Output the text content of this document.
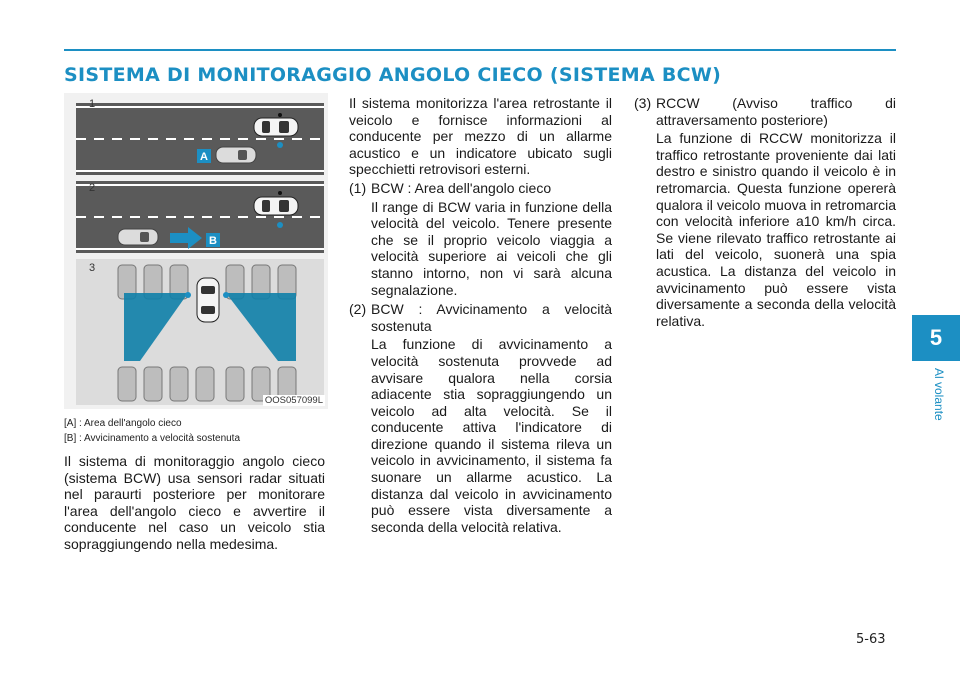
SISTEMA DI MONITORAGGIO ANGOLO CIECO (SISTEMA BCW)
A
B
1
2
3
OOS057099L
[A] : Area dell'angolo cieco
[B] : Avvicinamento a velocità sostenuta

Il sistema di monitoraggio angolo cieco (sistema BCW) usa sensori radar situati nel paraurti posteriore per monitorare l'area dell'angolo cieco e avvertire il conducente nel caso un veicolo stia sopraggiungendo nella medesima.

Il sistema monitorizza l'area retrostante il veicolo e fornisce informazioni al conducente per mezzo di un allarme acustico e un indicatore ubicato sugli specchietti retrovisori esterni.

(1) BCW : Area dell'angolo cieco

Il range di BCW varia in funzione della velocità del veicolo. Tenere presente che se il proprio veicolo viaggia a velocità superiore ai veicoli che gli stanno intorno, non vi sarà alcuna segnalazione.

(2) BCW : Avvicinamento a velocità sostenuta

La funzione di avvicinamento a velocità sostenuta provvede ad avvisare qualora nella corsia adiacente stia sopraggiungendo un veicolo ad alta velocità. Se il conducente attiva l'indicatore di direzione quando il sistema rileva un veicolo in avvicinamento, il sistema fa suonare un allarme acustico. La distanza dal veicolo in avvicinamento può essere vista diversamente a seconda della velocità relativa.

(3) RCCW (Avviso traffico di attraversamento posteriore)

La funzione di RCCW monitorizza il traffico retrostante proveniente dai lati destro e sinistro quando il veicolo è in retromarcia. Questa funzione opererà qualora il veicolo muova in retromarcia con velocità inferiore a10 km/h circa. Se viene rilevato traffico retrostante ai lati del veicolo, suonerà una spia acustica. La distanza del veicolo in avvicinamento può essere vista diversamente a seconda della velocità relativa.

5
Al volante
5-63
